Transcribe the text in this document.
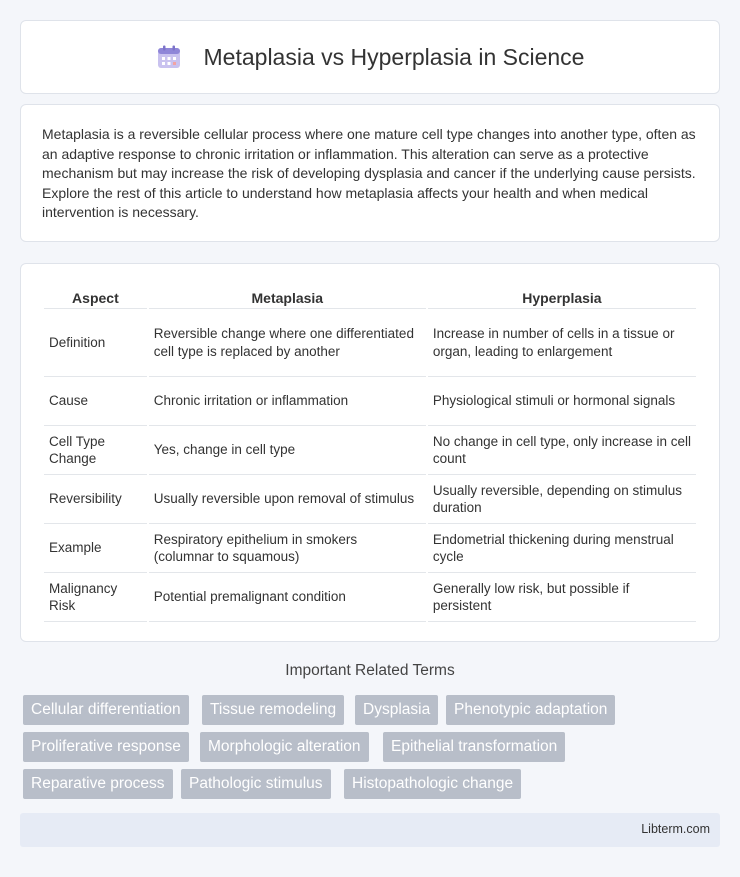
Metaplasia vs Hyperplasia in Science

Metaplasia is a reversible cellular process where one mature cell type changes into another type, often as an adaptive response to chronic irritation or inflammation. This alteration can serve as a protective mechanism but may increase the risk of developing dysplasia and cancer if the underlying cause persists. Explore the rest of this article to understand how metaplasia affects your health and when medical intervention is necessary.

Aspect	Metaplasia	Hyperplasia
Definition	Reversible change where one differentiated cell type is replaced by another	Increase in number of cells in a tissue or organ, leading to enlargement
Cause	Chronic irritation or inflammation	Physiological stimuli or hormonal signals
Cell Type Change	Yes, change in cell type	No change in cell type, only increase in cell count
Reversibility	Usually reversible upon removal of stimulus	Usually reversible, depending on stimulus duration
Example	Respiratory epithelium in smokers (columnar to squamous)	Endometrial thickening during menstrual cycle
Malignancy Risk	Potential premalignant condition	Generally low risk, but possible if persistent
Important Related Terms
Cellular differentiation	Tissue remodeling	Dysplasia	Phenotypic adaptation
Proliferative response	Morphologic alteration	Epithelial transformation
Reparative process	Pathologic stimulus	Histopathologic change
Libterm.com
